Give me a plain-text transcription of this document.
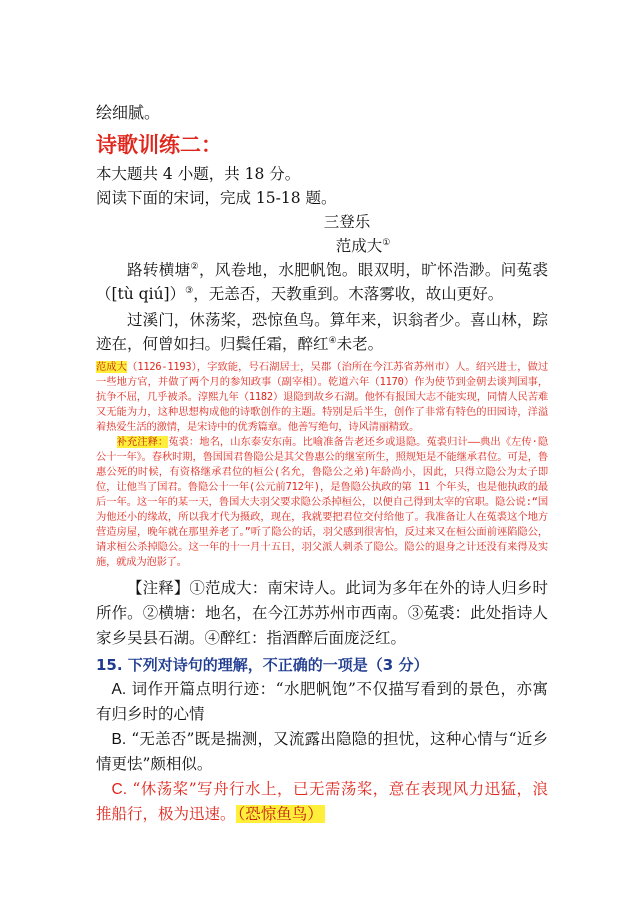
绘细腻。
诗歌训练二：
本大题共 4 小题，共 18 分。
阅读下面的宋词，完成 15-18 题。
三登乐
范成大①

路转横塘②，风卷地，水肥帆饱。眼双明，旷怀浩渺。问菟裘（[tù qiú]）③，无恙否，天教重到。木落雾收，故山更好。

过溪门，休荡桨，恐惊鱼鸟。算年来，识翁者少。喜山林，踪迹在，何曾如扫。归鬓任霜，醉红④未老。

范成大（1126-1193），字致能，号石湖居士，吴郡（治所在今江苏省苏州市）人。绍兴进士，做过一些地方官，并做了两个月的参知政事（副宰相）。乾道六年（1170）作为使节到金朝去谈判国事，抗争不屈，几乎被杀。淳熙九年（1182）退隐到故乡石湖。他怀有报国大志不能实现，同情人民苦难又无能为力，这种思想构成他的诗歌创作的主题。特别是后半生，创作了非常有特色的田园诗，洋溢着热爱生活的激情，是宋诗中的优秀篇章。他善写绝句，诗风清丽精致。
补充注释：菟裘：地名，山东泰安东南。比喻准备告老还乡或退隐。菟裘归计——典出《左传·隐公十一年》。春秋时期，鲁国国君鲁隐公是其父鲁惠公的继室所生，照规矩是不能继承君位。可是，鲁惠公死的时候，有资格继承君位的桓公(名允，鲁隐公之弟)年龄尚小，因此，只得立隐公为太子即位，让他当了国君。鲁隐公十一年(公元前712年)，是鲁隐公执政的第 11 个年头，也是他执政的最后一年。这一年的某一天，鲁国大夫羽父要求隐公杀掉桓公，以便自己得到太宰的官职。隐公说:“国为他还小的缘故，所以我才代为摄政，现在，我就要把君位交付给他了。我准备让人在菟裘这个地方营造房屋，晚年就在那里养老了。”听了隐公的话，羽父感到很害怕，反过来又在桓公面前诬陷隐公，请求桓公杀掉隐公。这一年的十一月十五日，羽父派人刺杀了隐公。隐公的退身之计还没有来得及实施，就成为泡影了。
【注释】①范成大：南宋诗人。此词为多年在外的诗人归乡时所作。②横塘：地名，在今江苏苏州市西南。③菟裘：此处指诗人家乡吴县石湖。④醉红：指酒醉后面庞泛红。
15. 下列对诗句的理解，不正确的一项是（3 分）
A. 词作开篇点明行迹：“水肥帆饱”不仅描写看到的景色，亦寓有归乡时的心情
B. “无恙否”既是揣测，又流露出隐隐的担忧，这种心情与“近乡情更怯”颇相似。
C. “休荡桨”写舟行水上，已无需荡桨，意在表现风力迅猛，浪推船行，极为迅速。 （恐惊鱼鸟）
